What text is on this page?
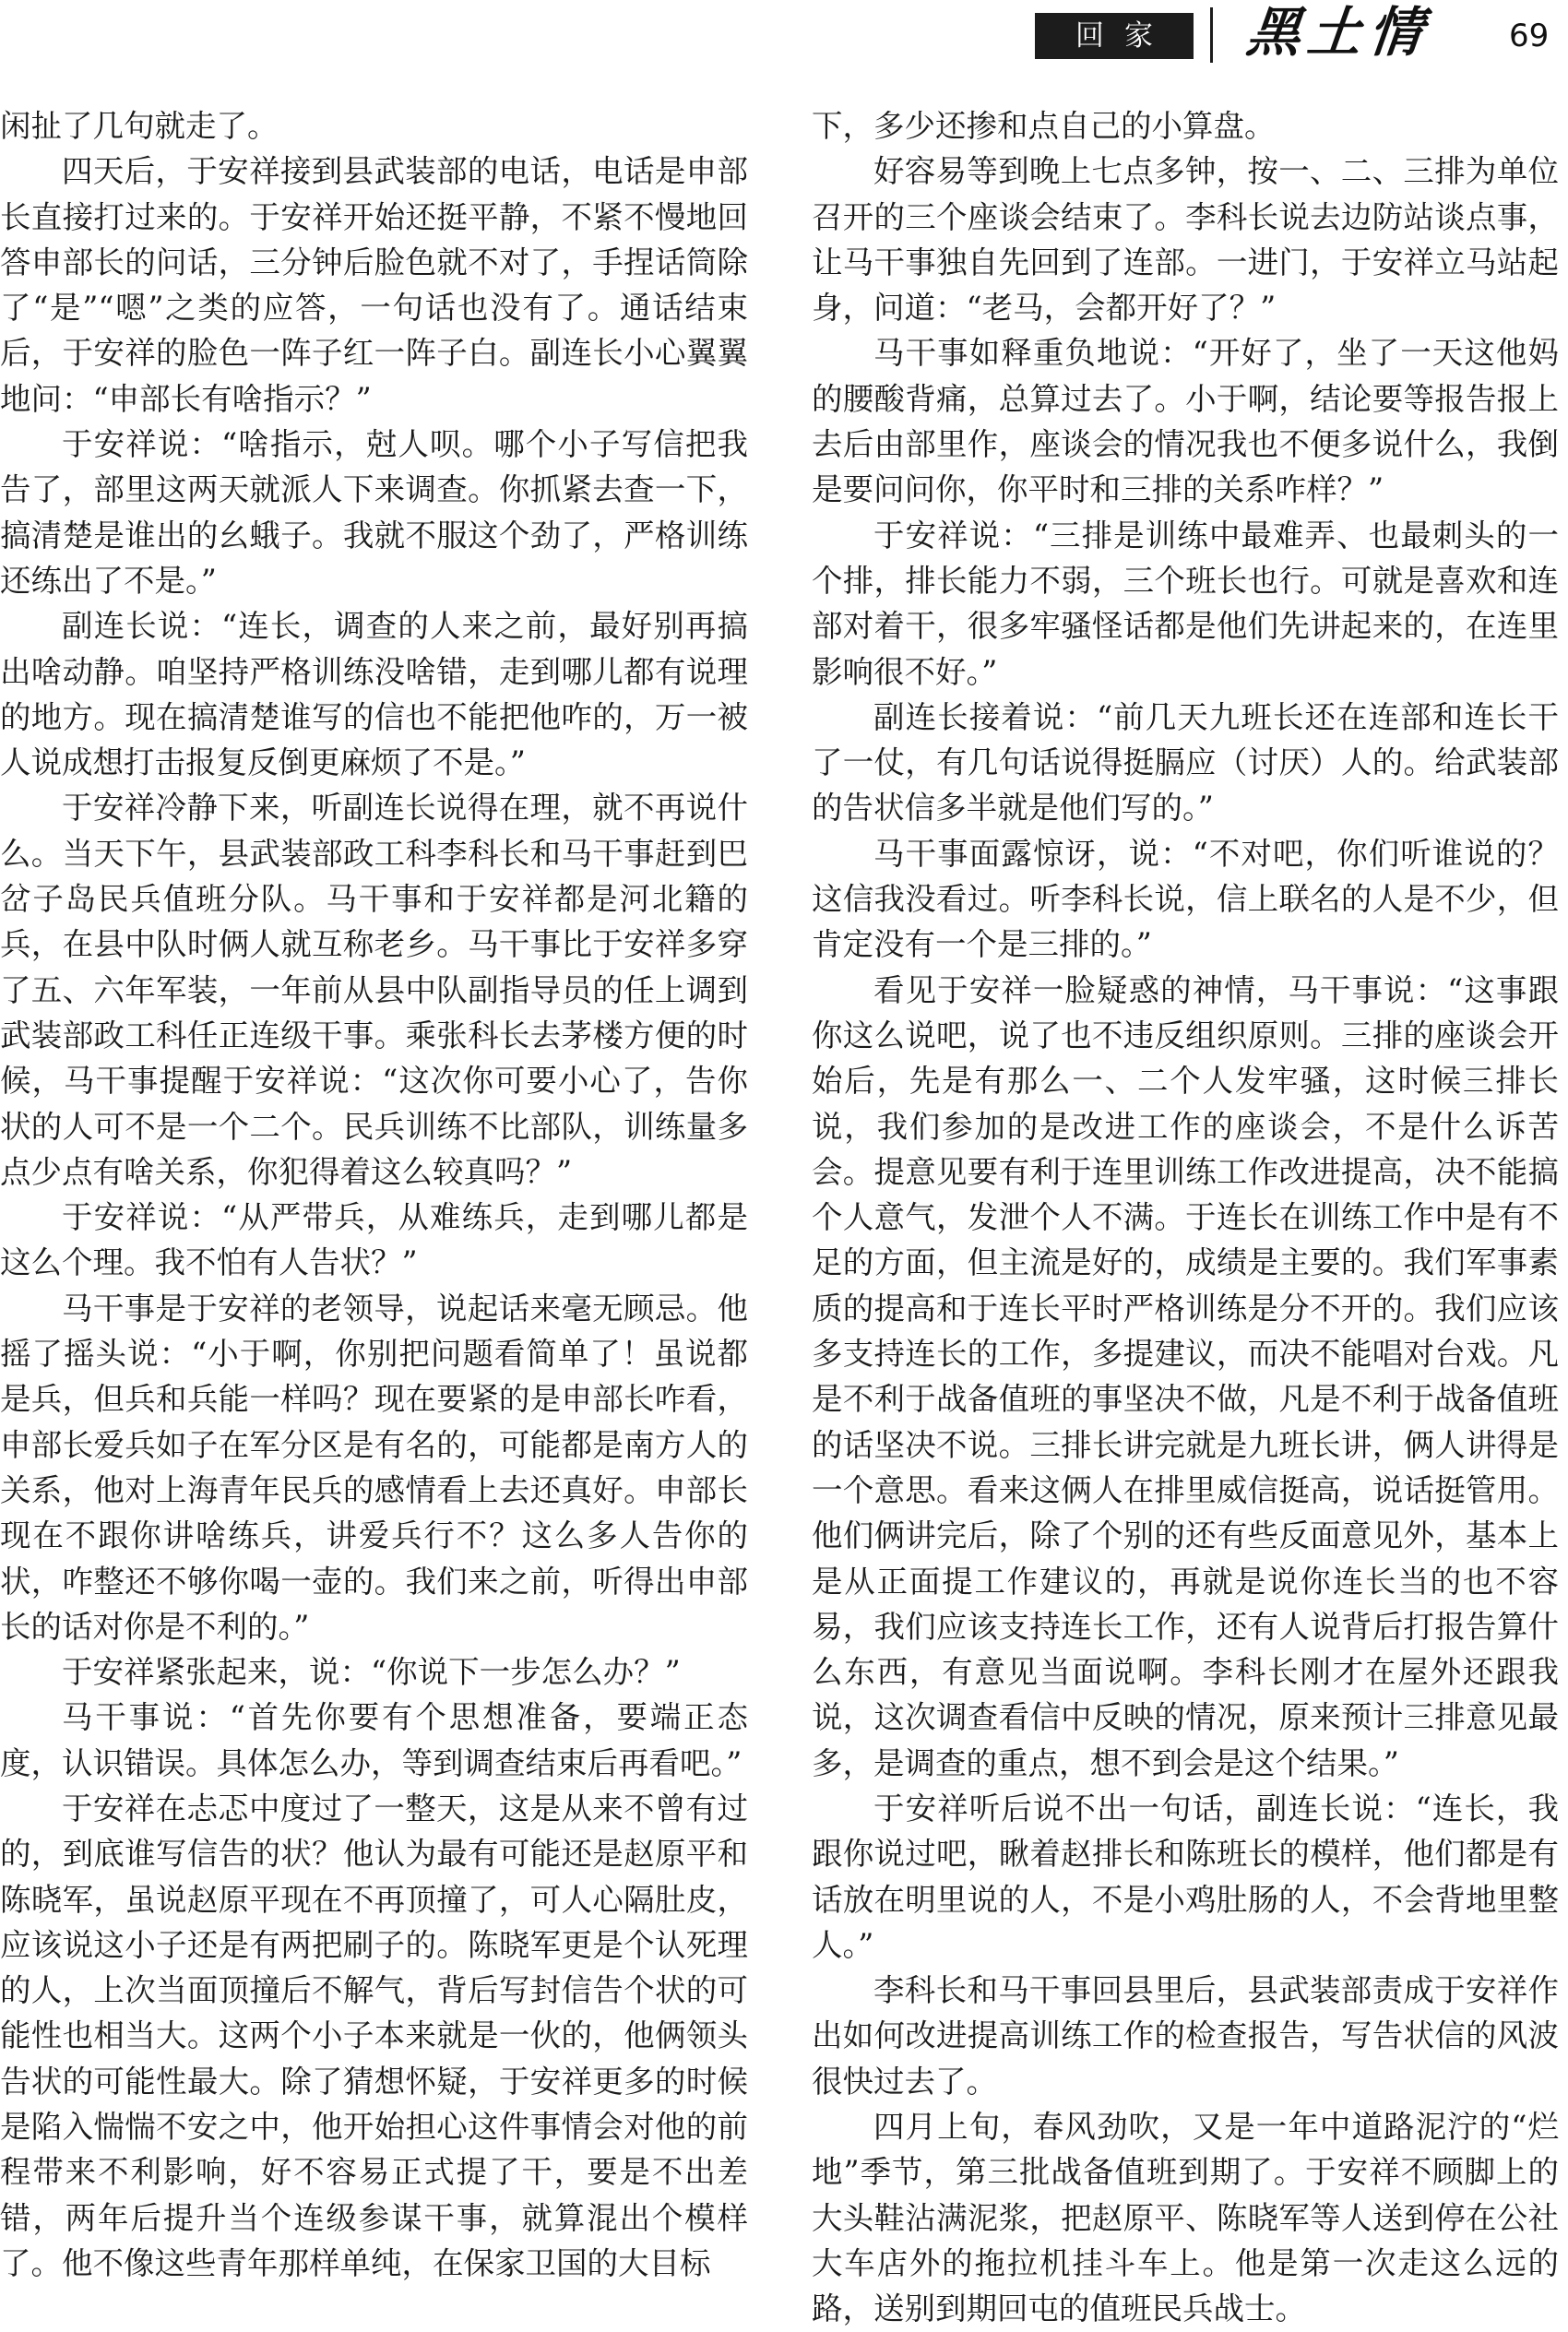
回家	黑土情 69

闲扯了几句就走了。

四天后，于安祥接到县武装部的电话，电话是申部长直接打过来的。于安祥开始还挺平静，不紧不慢地回答申部长的问话，三分钟后脸色就不对了，手捏话筒除了“是”“嗯”之类的应答，一句话也没有了。通话结束后，于安祥的脸色一阵子红一阵子白。副连长小心翼翼地问：“申部长有啥指示？”

于安祥说：“啥指示，尅人呗。哪个小子写信把我告了，部里这两天就派人下来调查。你抓紧去查一下，搞清楚是谁出的幺蛾子。我就不服这个劲了，严格训练还练出了不是。”

副连长说：“连长，调查的人来之前，最好别再搞出啥动静。咱坚持严格训练没啥错，走到哪儿都有说理的地方。现在搞清楚谁写的信也不能把他咋的，万一被人说成想打击报复反倒更麻烦了不是。”

于安祥冷静下来，听副连长说得在理，就不再说什么。当天下午，县武装部政工科李科长和马干事赶到巴岔子岛民兵值班分队。马干事和于安祥都是河北籍的兵，在县中队时俩人就互称老乡。马干事比于安祥多穿了五、六年军装，一年前从县中队副指导员的任上调到武装部政工科任正连级干事。乘张科长去茅楼方便的时候，马干事提醒于安祥说：“这次你可要小心了，告你状的人可不是一个二个。民兵训练不比部队，训练量多点少点有啥关系，你犯得着这么较真吗？”

于安祥说：“从严带兵，从难练兵，走到哪儿都是这么个理。我不怕有人告状？”

马干事是于安祥的老领导，说起话来毫无顾忌。他摇了摇头说：“小于啊，你别把问题看简单了！虽说都是兵，但兵和兵能一样吗？现在要紧的是申部长咋看，申部长爱兵如子在军分区是有名的，可能都是南方人的关系，他对上海青年民兵的感情看上去还真好。申部长现在不跟你讲啥练兵，讲爱兵行不？这么多人告你的状，咋整还不够你喝一壶的。我们来之前，听得出申部长的话对你是不利的。”

于安祥紧张起来，说：“你说下一步怎么办？”

马干事说：“首先你要有个思想准备，要端正态度，认识错误。具体怎么办，等到调查结束后再看吧。”

于安祥在忐忑中度过了一整天，这是从来不曾有过的，到底谁写信告的状？他认为最有可能还是赵原平和陈晓军，虽说赵原平现在不再顶撞了，可人心隔肚皮，应该说这小子还是有两把刷子的。陈晓军更是个认死理的人，上次当面顶撞后不解气，背后写封信告个状的可能性也相当大。这两个小子本来就是一伙的，他俩领头告状的可能性最大。除了猜想怀疑，于安祥更多的时候是陷入惴惴不安之中，他开始担心这件事情会对他的前程带来不利影响，好不容易正式提了干，要是不出差错，两年后提升当个连级参谋干事，就算混出个模样了。他不像这些青年那样单纯，在保家卫国的大目标

下，多少还掺和点自己的小算盘。

好容易等到晚上七点多钟，按一、二、三排为单位召开的三个座谈会结束了。李科长说去边防站谈点事，让马干事独自先回到了连部。一进门，于安祥立马站起身，问道：“老马，会都开好了？”

马干事如释重负地说：“开好了，坐了一天这他妈的腰酸背痛，总算过去了。小于啊，结论要等报告报上去后由部里作，座谈会的情况我也不便多说什么，我倒是要问问你，你平时和三排的关系咋样？”

于安祥说：“三排是训练中最难弄、也最刺头的一个排，排长能力不弱，三个班长也行。可就是喜欢和连部对着干，很多牢骚怪话都是他们先讲起来的，在连里影响很不好。”

副连长接着说：“前几天九班长还在连部和连长干了一仗，有几句话说得挺膈应（讨厌）人的。给武装部的告状信多半就是他们写的。”

马干事面露惊讶，说：“不对吧，你们听谁说的？这信我没看过。听李科长说，信上联名的人是不少，但肯定没有一个是三排的。”

看见于安祥一脸疑惑的神情，马干事说：“这事跟你这么说吧，说了也不违反组织原则。三排的座谈会开始后，先是有那么一、二个人发牢骚，这时候三排长说，我们参加的是改进工作的座谈会，不是什么诉苦会。提意见要有利于连里训练工作改进提高，决不能搞个人意气，发泄个人不满。于连长在训练工作中是有不足的方面，但主流是好的，成绩是主要的。我们军事素质的提高和于连长平时严格训练是分不开的。我们应该多支持连长的工作，多提建议，而决不能唱对台戏。凡是不利于战备值班的事坚决不做，凡是不利于战备值班的话坚决不说。三排长讲完就是九班长讲，俩人讲得是一个意思。看来这俩人在排里威信挺高，说话挺管用。他们俩讲完后，除了个别的还有些反面意见外，基本上是从正面提工作建议的，再就是说你连长当的也不容易，我们应该支持连长工作，还有人说背后打报告算什么东西，有意见当面说啊。李科长刚才在屋外还跟我说，这次调查看信中反映的情况，原来预计三排意见最多，是调查的重点，想不到会是这个结果。”

于安祥听后说不出一句话，副连长说：“连长，我跟你说过吧，瞅着赵排长和陈班长的模样，他们都是有话放在明里说的人，不是小鸡肚肠的人，不会背地里整人。”

李科长和马干事回县里后，县武装部责成于安祥作出如何改进提高训练工作的检查报告，写告状信的风波很快过去了。

四月上旬，春风劲吹，又是一年中道路泥泞的“烂地”季节，第三批战备值班到期了。于安祥不顾脚上的大头鞋沾满泥浆，把赵原平、陈晓军等人送到停在公社大车店外的拖拉机挂斗车上。他是第一次走这么远的路，送别到期回屯的值班民兵战士。
